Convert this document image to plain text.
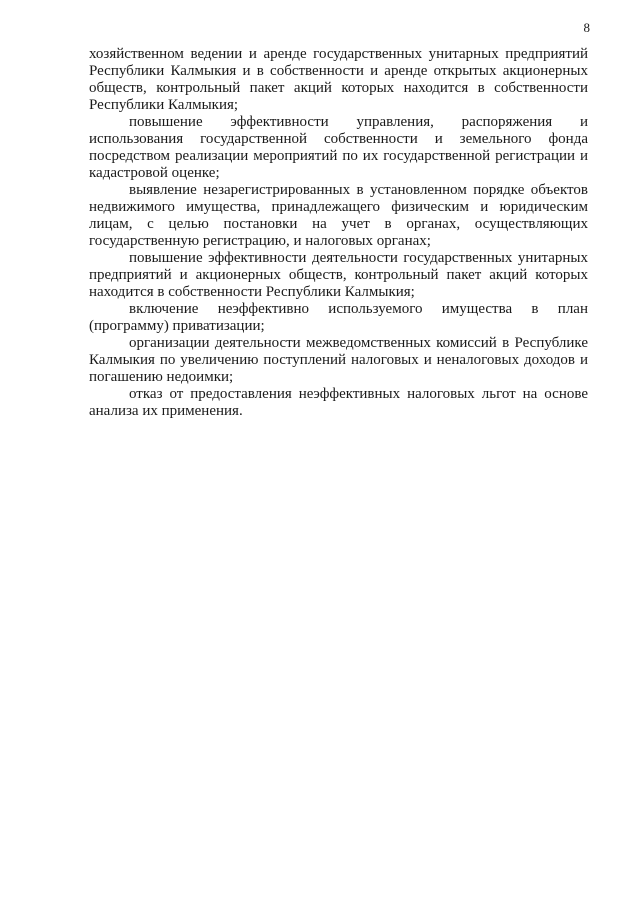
8

хозяйственном ведении и аренде государственных унитарных предприятий Республики Калмыкия и в собственности и аренде открытых акционерных обществ, контрольный пакет акций которых находится в собственности Республики Калмыкия;

повышение эффективности управления, распоряжения и использования государственной собственности и земельного фонда посредством реализации мероприятий по их государственной регистрации и кадастровой оценке;

выявление незарегистрированных в установленном порядке объектов недвижимого имущества, принадлежащего физическим и юридическим лицам, с целью постановки на учет в органах, осуществляющих государственную регистрацию, и налоговых органах;

повышение эффективности деятельности государственных унитарных предприятий и акционерных обществ, контрольный пакет акций которых находится в собственности Республики Калмыкия;

включение неэффективно используемого имущества в план (программу) приватизации;

организации деятельности межведомственных комиссий в Республике Калмыкия по увеличению поступлений налоговых и неналоговых доходов и погашению недоимки;

отказ от предоставления неэффективных налоговых льгот на основе анализа их применения.
